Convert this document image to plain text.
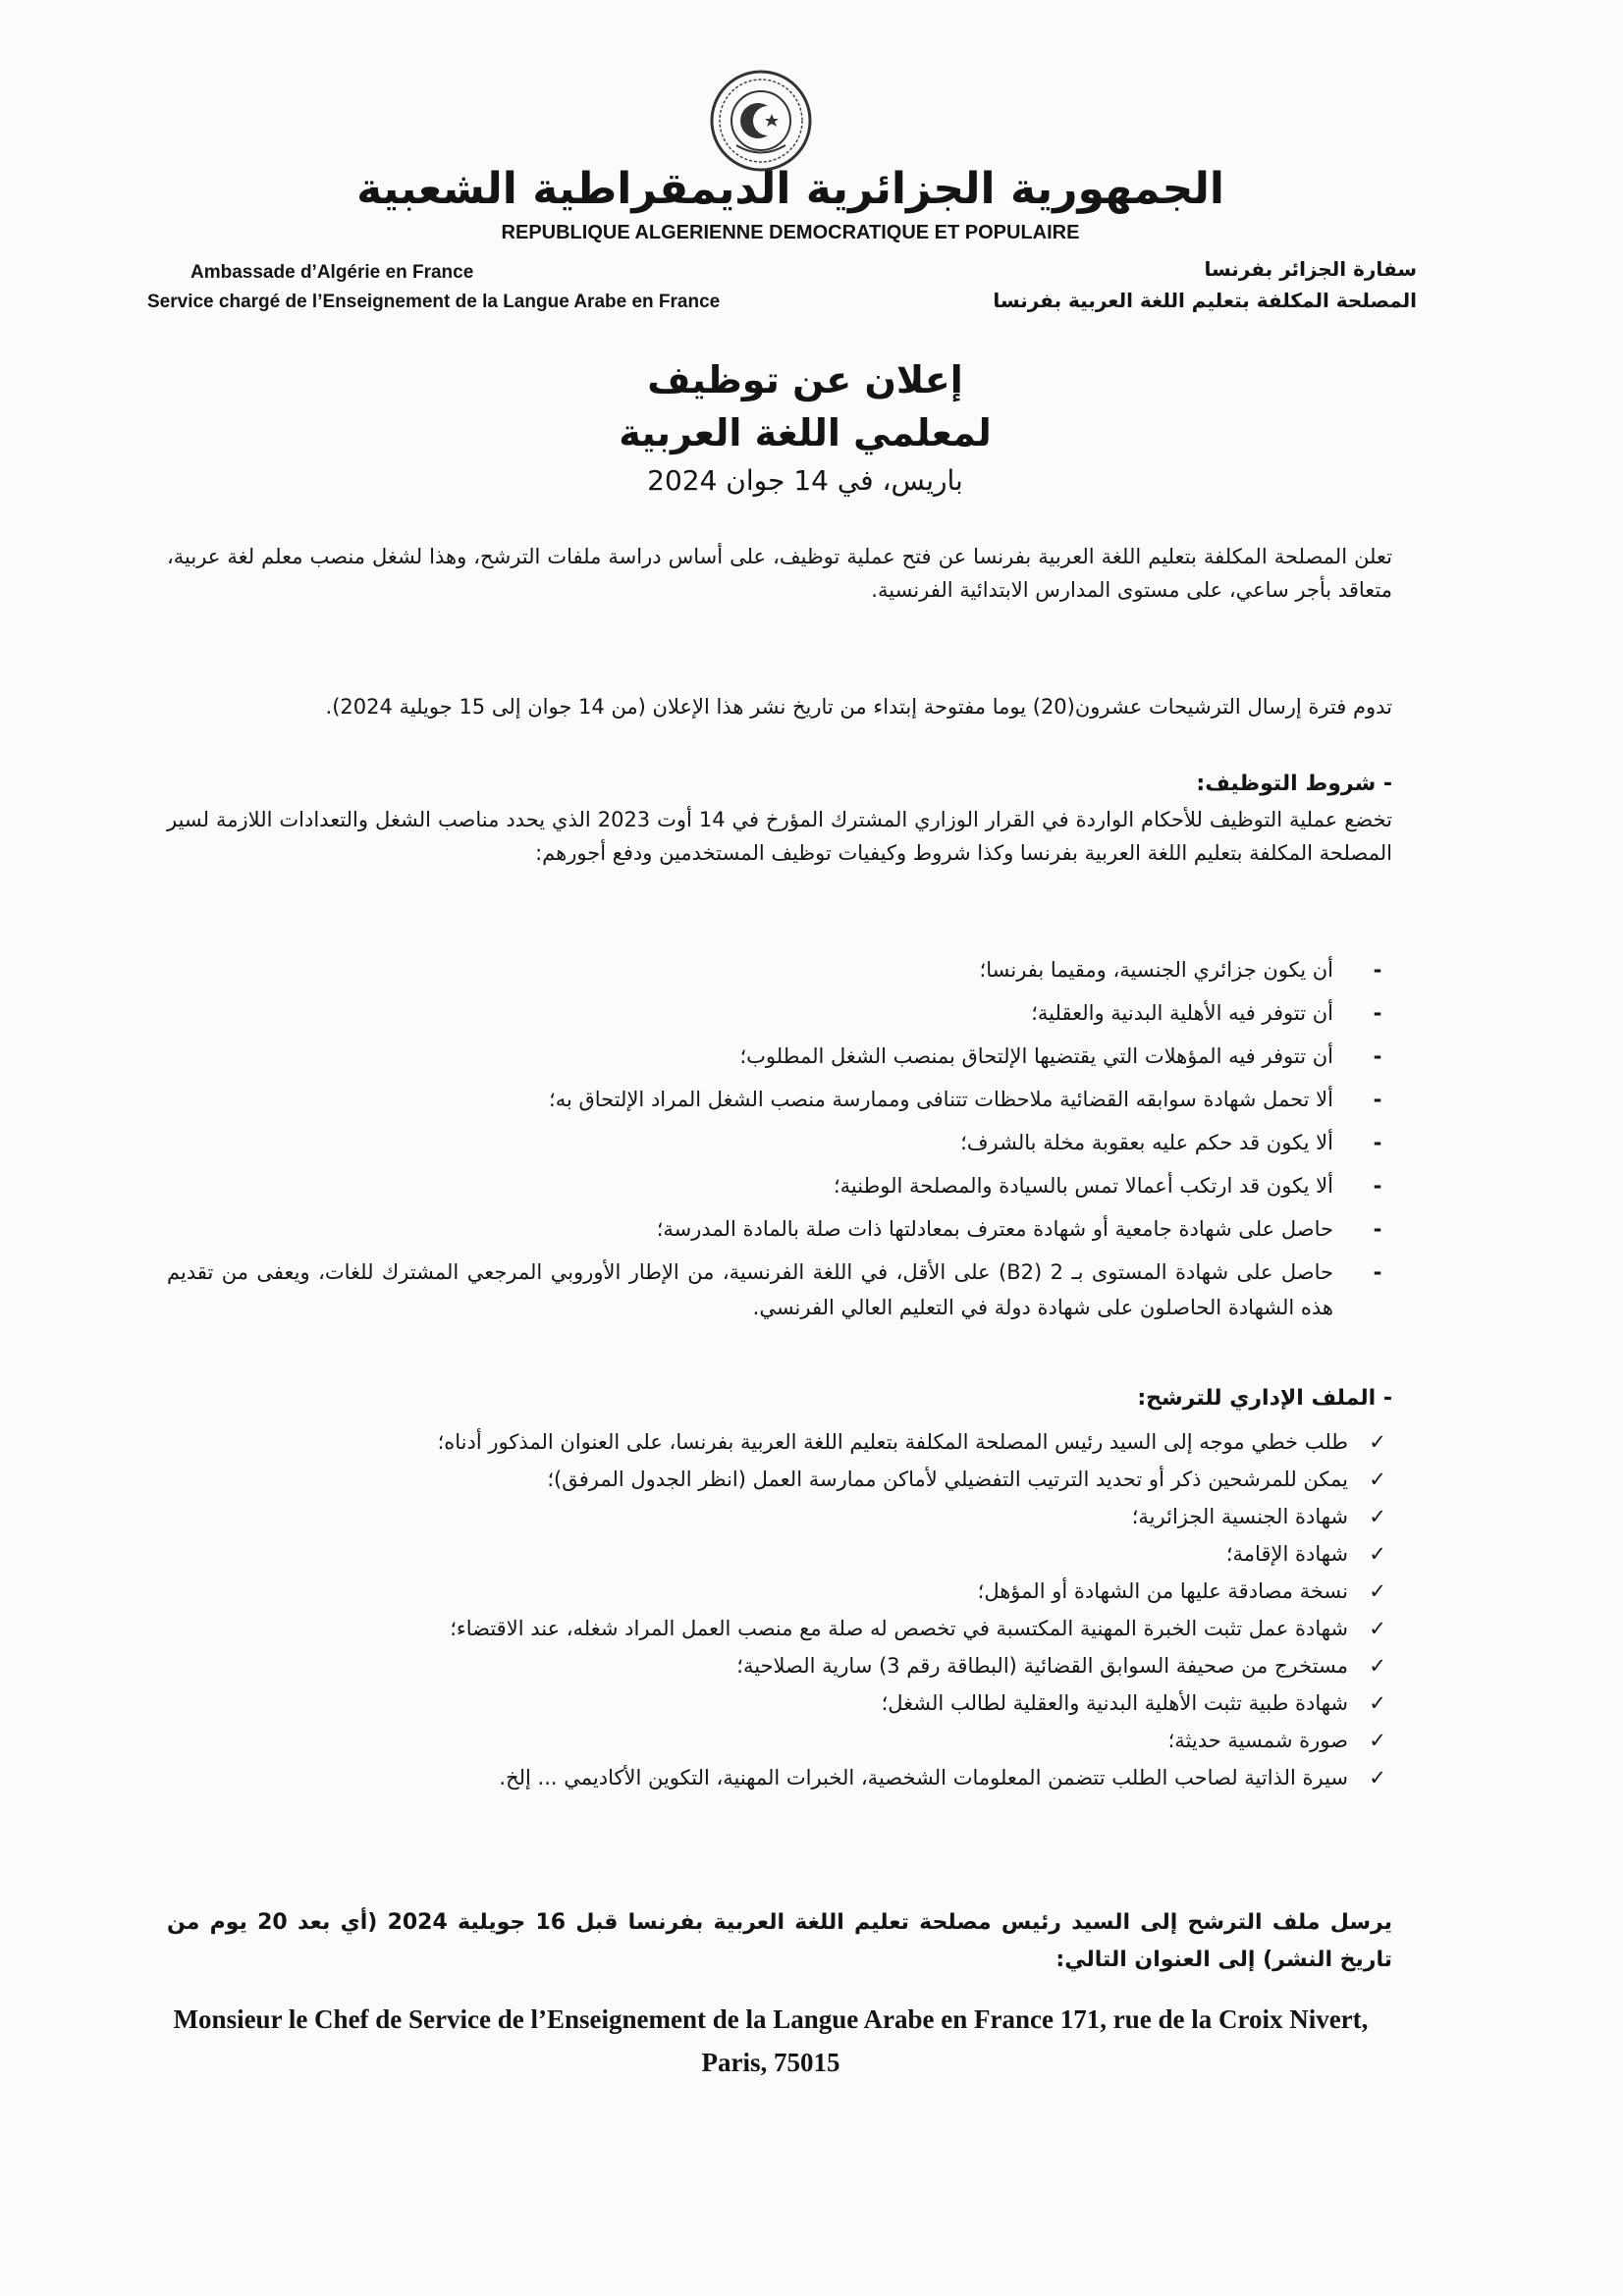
الجمهورية الجزائرية الديمقراطية الشعبية
REPUBLIQUE ALGERIENNE DEMOCRATIQUE ET POPULAIRE
Ambassade d’Algérie en France
Service chargé de l’Enseignement de la Langue Arabe en France
سفارة الجزائر بفرنسا
المصلحة المكلفة بتعليم اللغة العربية بفرنسا
إعلان عن توظيف
لمعلمي اللغة العربية

باريس، في 14 جوان 2024

تعلن المصلحة المكلفة بتعليم اللغة العربية بفرنسا عن فتح عملية توظيف، على أساس دراسة ملفات الترشح، وهذا لشغل منصب معلم لغة عربية، متعاقد بأجر ساعي، على مستوى المدارس الابتدائية الفرنسية.

تدوم فترة إرسال الترشيحات عشرون(20) يوما مفتوحة إبتداء من تاريخ نشر هذا الإعلان (من 14 جوان إلى 15 جويلية 2024).

- شروط التوظيف:

تخضع عملية التوظيف للأحكام الواردة في القرار الوزاري المشترك المؤرخ في 14 أوت 2023 الذي يحدد مناصب الشغل والتعدادات اللازمة لسير المصلحة المكلفة بتعليم اللغة العربية بفرنسا وكذا شروط وكيفيات توظيف المستخدمين ودفع أجورهم:

-
أن يكون جزائري الجنسية، ومقيما بفرنسا؛
-
أن تتوفر فيه الأهلية البدنية والعقلية؛
-
أن تتوفر فيه المؤهلات التي يقتضيها الإلتحاق بمنصب الشغل المطلوب؛
-
ألا تحمل شهادة سوابقه القضائية ملاحظات تتنافى وممارسة منصب الشغل المراد الإلتحاق به؛
-
ألا يكون قد حكم عليه بعقوبة مخلة بالشرف؛
-
ألا يكون قد ارتكب أعمالا تمس بالسيادة والمصلحة الوطنية؛
-
حاصل على شهادة جامعية أو شهادة معترف بمعادلتها ذات صلة بالمادة المدرسة؛
-
حاصل على شهادة المستوى بـ 2 (B2) على الأقل، في اللغة الفرنسية، من الإطار الأوروبي المرجعي المشترك للغات، ويعفى من تقديم هذه الشهادة الحاصلون على شهادة دولة في التعليم العالي الفرنسي.

- الملف الإداري للترشح:

✓
طلب خطي موجه إلى السيد رئيس المصلحة المكلفة بتعليم اللغة العربية بفرنسا، على العنوان المذكور أدناه؛
✓
يمكن للمرشحين ذكر أو تحديد الترتيب التفضيلي لأماكن ممارسة العمل (انظر الجدول المرفق)؛
✓
شهادة الجنسية الجزائرية؛
✓
شهادة الإقامة؛
✓
نسخة مصادقة عليها من الشهادة أو المؤهل؛
✓
شهادة عمل تثبت الخبرة المهنية المكتسبة في تخصص له صلة مع منصب العمل المراد شغله، عند الاقتضاء؛
✓
مستخرج من صحيفة السوابق القضائية (البطاقة رقم 3) سارية الصلاحية؛
✓
شهادة طبية تثبت الأهلية البدنية والعقلية لطالب الشغل؛
✓
صورة شمسية حديثة؛
✓
سيرة الذاتية لصاحب الطلب تتضمن المعلومات الشخصية، الخبرات المهنية، التكوين الأكاديمي ... إلخ.

يرسل ملف الترشح إلى السيد رئيس مصلحة تعليم اللغة العربية بفرنسا قبل 16 جويلية 2024 (أي بعد 20 يوم من تاريخ النشر) إلى العنوان التالي:

Monsieur le Chef de Service de l’Enseignement de la Langue Arabe en France 171, rue de la Croix Nivert, Paris, 75015
